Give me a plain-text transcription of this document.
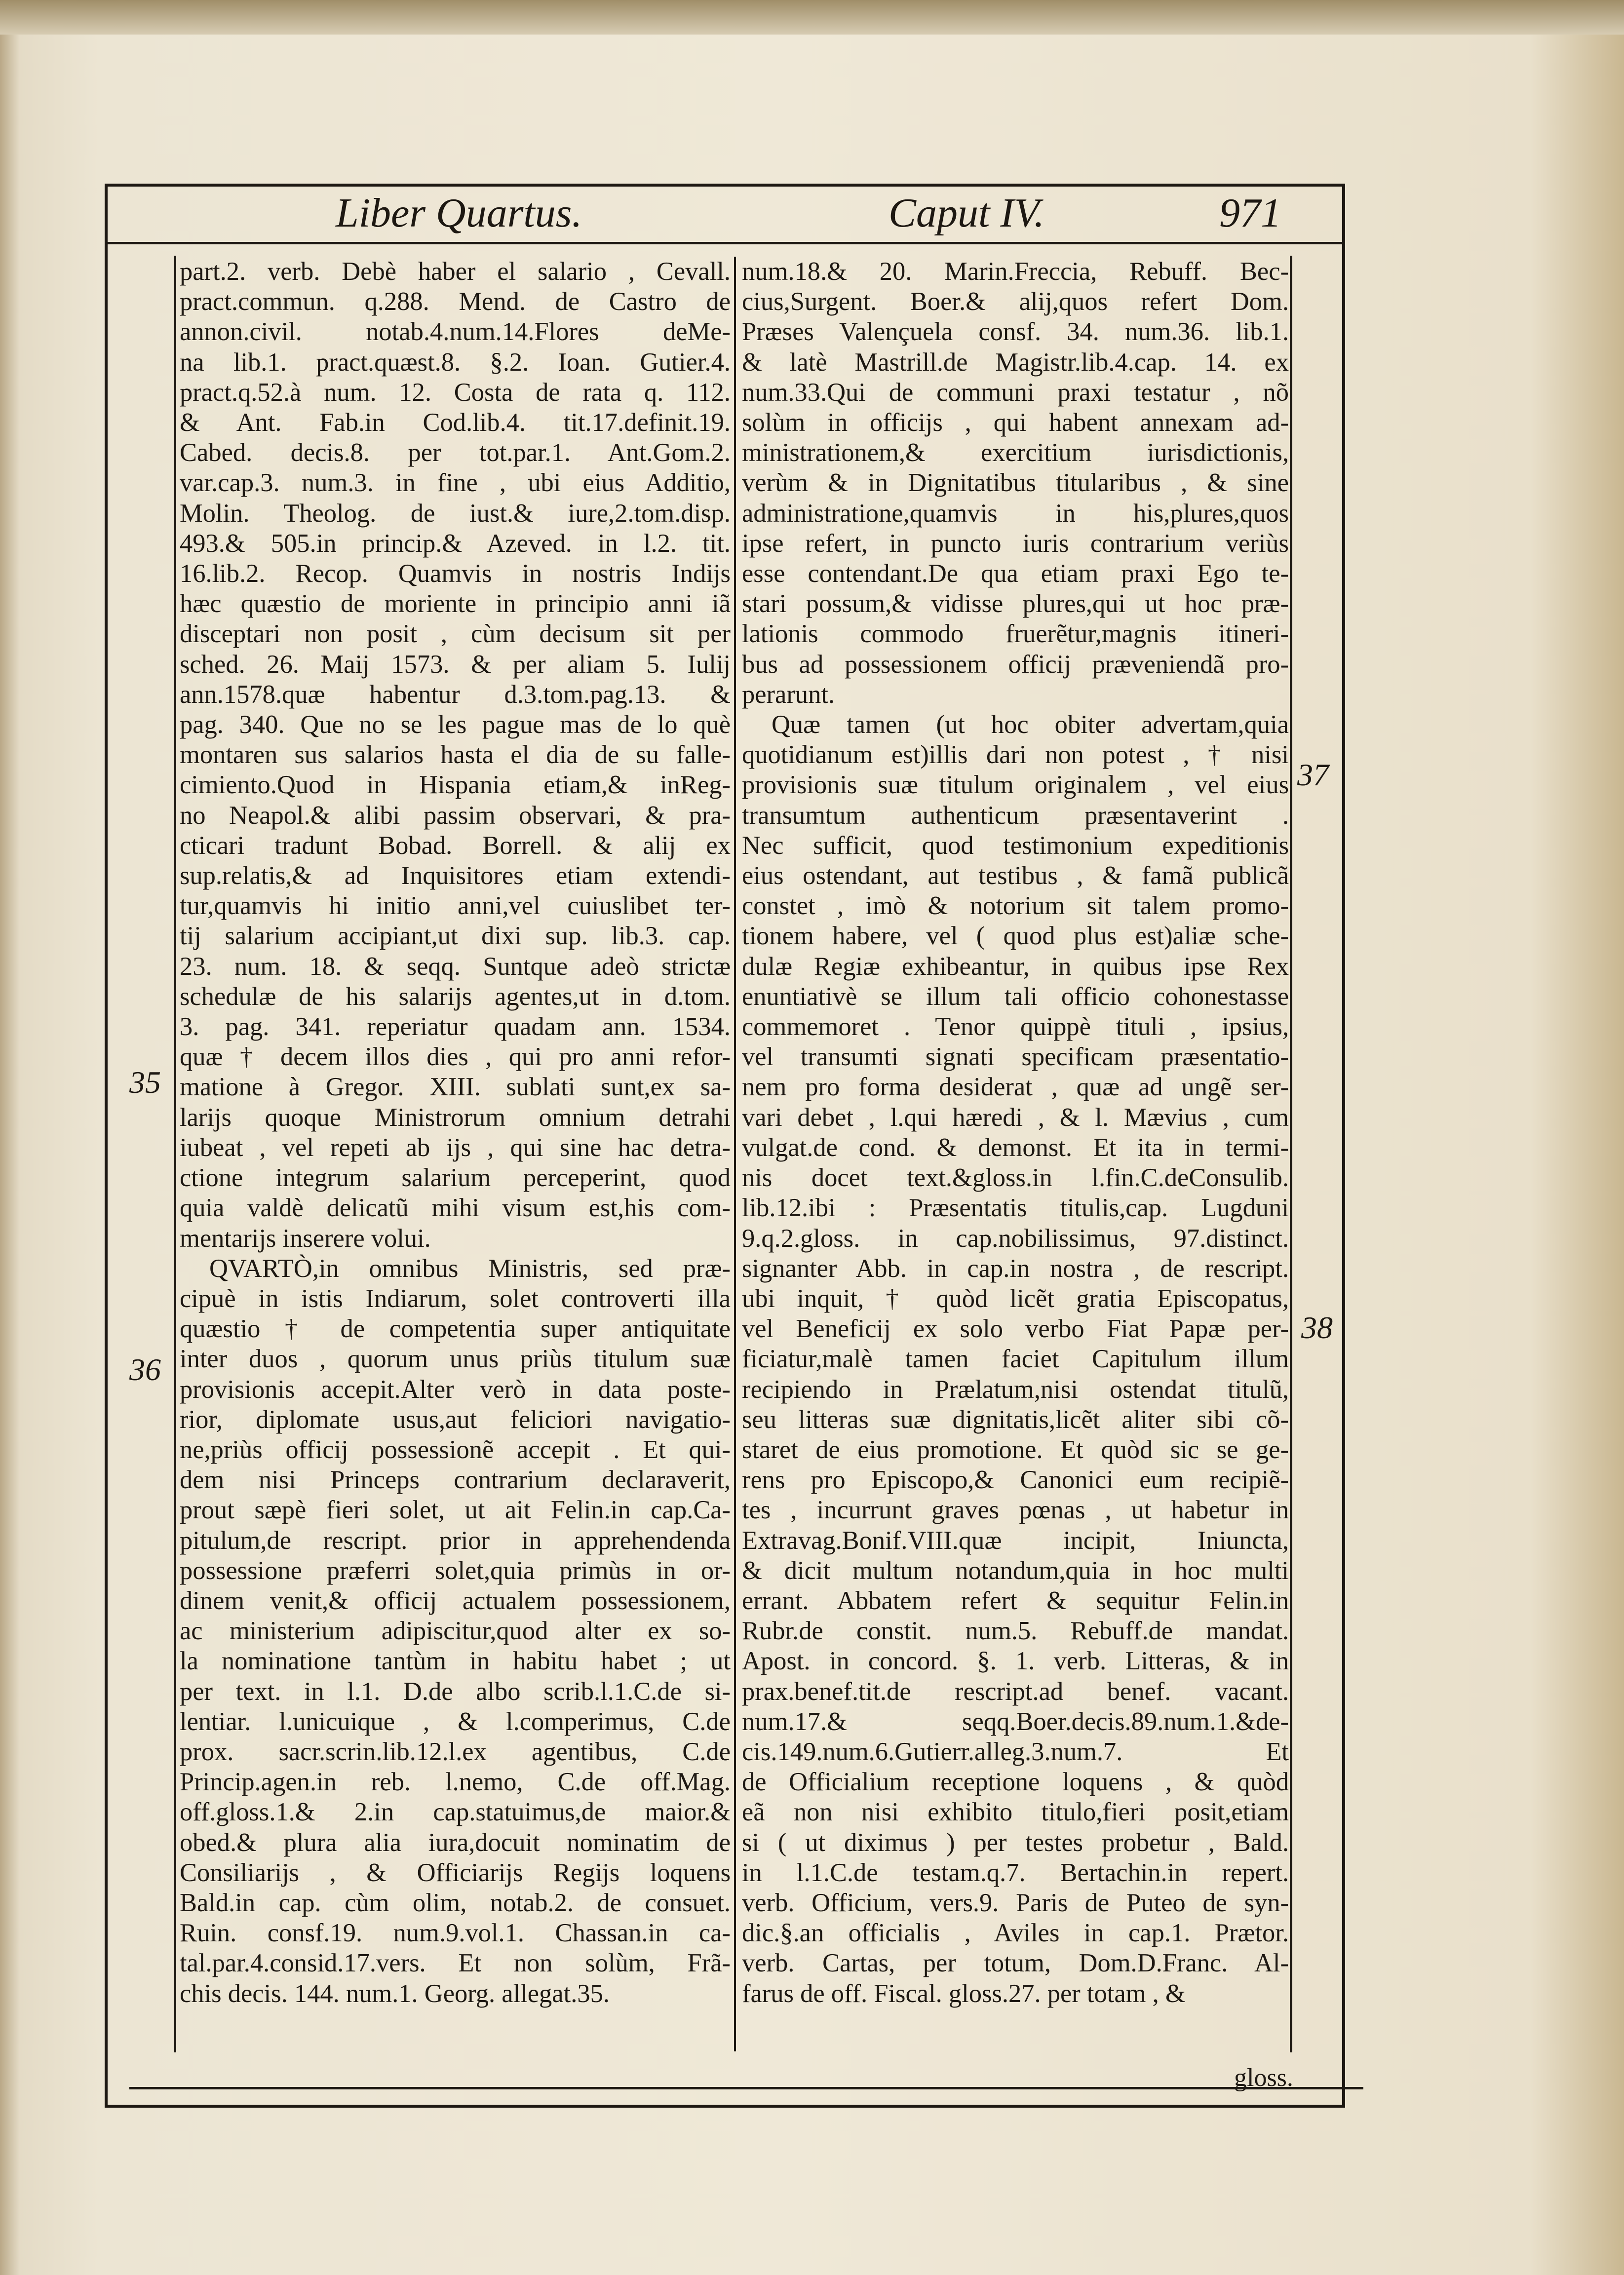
Liber Quartus.	Caput IV.	971
part.2. verb. Debè haber el salario , Cevall.
pract.commun. q.288. Mend. de Castro de
annon.civil. notab.4.num.14.Flores deMe-
na lib.1. pract.quæst.8. §.2. Ioan. Gutier.4.
pract.q.52.à num. 12. Costa de rata q. 112.
& Ant. Fab.in Cod.lib.4. tit.17.definit.19.
Cabed. decis.8. per tot.par.1. Ant.Gom.2.
var.cap.3. num.3. in fine , ubi eius Additio,
Molin. Theolog. de iust.& iure,2.tom.disp.
493.& 505.in princip.& Azeved. in l.2. tit.
16.lib.2. Recop. Quamvis in nostris Indijs
hæc quæstio de moriente in principio anni iã
disceptari non posit , cùm decisum sit per
sched. 26. Maij 1573. & per aliam 5. Iulij
ann.1578.quæ habentur d.3.tom.pag.13. &
pag. 340. Que no se les pague mas de lo què
montaren sus salarios hasta el dia de su falle-
cimiento.Quod in Hispania etiam,& inReg-
no Neapol.& alibi passim observari, & pra-
cticari tradunt Bobad. Borrell. & alij ex
sup.relatis,& ad Inquisitores etiam extendi-
tur,quamvis hi initio anni,vel cuiuslibet ter-
tij salarium accipiant,ut dixi sup. lib.3. cap.
23. num. 18. & seqq. Suntque adeò strictæ
schedulæ de his salarijs agentes,ut in d.tom.
3. pag. 341. reperiatur quadam ann. 1534.
quæ † decem illos dies , qui pro anni refor-
matione à Gregor. XIII. sublati sunt,ex sa-
larijs quoque Ministrorum omnium detrahi
iubeat , vel repeti ab ijs , qui sine hac detra-
ctione integrum salarium perceperint, quod
quia valdè delicatũ mihi visum est,his com-
mentarijs inserere volui.
QVARTÒ,in omnibus Ministris, sed præ-
cipuè in istis Indiarum, solet controverti illa
quæstio † de competentia super antiquitate
inter duos , quorum unus priùs titulum suæ
provisionis accepit.Alter verò in data poste-
rior, diplomate usus,aut feliciori navigatio-
ne,priùs officij possessionẽ accepit . Et qui-
dem nisi Princeps contrarium declaraverit,
prout sæpè fieri solet, ut ait Felin.in cap.Ca-
pitulum,de rescript. prior in apprehendenda
possessione præferri solet,quia primùs in or-
dinem venit,& officij actualem possessionem,
ac ministerium adipiscitur,quod alter ex so-
la nominatione tantùm in habitu habet ; ut
per text. in l.1. D.de albo scrib.l.1.C.de si-
lentiar. l.unicuique , & l.comperimus, C.de
prox. sacr.scrin.lib.12.l.ex agentibus, C.de
Princip.agen.in reb. l.nemo, C.de off.Mag.
off.gloss.1.& 2.in cap.statuimus,de maior.&
obed.& plura alia iura,docuit nominatim de
Consiliarijs , & Officiarijs Regijs loquens
Bald.in cap. cùm olim, notab.2. de consuet.
Ruin. consf.19. num.9.vol.1. Chassan.in ca-
tal.par.4.consid.17.vers. Et non solùm, Frã-
chis decis. 144. num.1. Georg. allegat.35.
num.18.& 20. Marin.Freccia, Rebuff. Bec-
cius,Surgent. Boer.& alij,quos refert Dom.
Præses Valençuela consf. 34. num.36. lib.1.
& latè Mastrill.de Magistr.lib.4.cap. 14. ex
num.33.Qui de communi praxi testatur , nõ
solùm in officijs , qui habent annexam ad-
ministrationem,& exercitium iurisdictionis,
verùm & in Dignitatibus titularibus , & sine
administratione,quamvis in his,plures,quos
ipse refert, in puncto iuris contrarium veriùs
esse contendant.De qua etiam praxi Ego te-
stari possum,& vidisse plures,qui ut hoc præ-
lationis commodo fruerẽtur,magnis itineri-
bus ad possessionem officij præveniendã pro-
perarunt.
Quæ tamen (ut hoc obiter advertam,quia
quotidianum est)illis dari non potest , † nisi
provisionis suæ titulum originalem , vel eius
transumtum authenticum præsentaverint .
Nec sufficit, quod testimonium expeditionis
eius ostendant, aut testibus , & famã publicã
constet , imò & notorium sit talem promo-
tionem habere, vel ( quod plus est)aliæ sche-
dulæ Regiæ exhibeantur, in quibus ipse Rex
enuntiativè se illum tali officio cohonestasse
commemoret . Tenor quippè tituli , ipsius,
vel transumti signati specificam præsentatio-
nem pro forma desiderat , quæ ad ungẽ ser-
vari debet , l.qui hæredi , & l. Mævius , cum
vulgat.de cond. & demonst. Et ita in termi-
nis docet text.&gloss.in l.fin.C.deConsulib.
lib.12.ibi : Præsentatis titulis,cap. Lugduni
9.q.2.gloss. in cap.nobilissimus, 97.distinct.
signanter Abb. in cap.in nostra , de rescript.
ubi inquit, † quòd licẽt gratia Episcopatus,
vel Beneficij ex solo verbo Fiat Papæ per-
ficiatur,malè tamen faciet Capitulum illum
recipiendo in Prælatum,nisi ostendat titulũ,
seu litteras suæ dignitatis,licẽt aliter sibi cõ-
staret de eius promotione. Et quòd sic se ge-
rens pro Episcopo,& Canonici eum recipiẽ-
tes , incurrunt graves pœnas , ut habetur in
Extravag.Bonif.VIII.quæ incipit, Iniuncta,
& dicit multum notandum,quia in hoc multi
errant. Abbatem refert & sequitur Felin.in
Rubr.de constit. num.5. Rebuff.de mandat.
Apost. in concord. §. 1. verb. Litteras, & in
prax.benef.tit.de rescript.ad benef. vacant.
num.17.& seqq.Boer.decis.89.num.1.&de-
cis.149.num.6.Gutierr.alleg.3.num.7. Et
de Officialium receptione loquens , & quòd
eã non nisi exhibito titulo,fieri posit,etiam
si ( ut diximus ) per testes probetur , Bald.
in l.1.C.de testam.q.7. Bertachin.in repert.
verb. Officium, vers.9. Paris de Puteo de syn-
dic.§.an officialis , Aviles in cap.1. Prætor.
verb. Cartas, per totum, Dom.D.Franc. Al-
farus de off. Fiscal. gloss.27. per totam , &
35
36
37
38
gloss.
